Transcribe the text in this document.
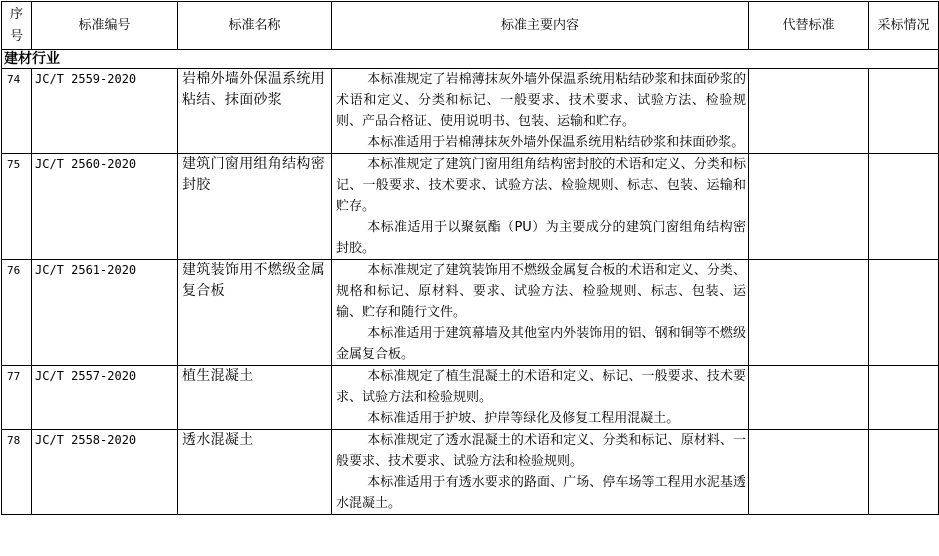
序号	标准编号	标准名称	标准主要内容	代替标准	采标情况
建材行业					
74	JC/T 2559-2020	岩棉外墙外保温系统用粘结、抹面砂浆	本标准规定了岩棉薄抹灰外墙外保温系统用粘结砂浆和抹面砂浆的术语和定义、分类和标记、一般要求、技术要求、试验方法、检验规则、产品合格证、使用说明书、包装、运输和贮存。

本标准适用于岩棉薄抹灰外墙外保温系统用粘结砂浆和抹面砂浆。		

75	JC/T 2560-2020	建筑门窗用组角结构密封胶	本标准规定了建筑门窗用组角结构密封胶的术语和定义、分类和标记、一般要求、技术要求、试验方法、检验规则、标志、包装、运输和贮存。

本标准适用于以聚氨酯（PU）为主要成分的建筑门窗组角结构密封胶。		

76	JC/T 2561-2020	建筑装饰用不燃级金属复合板	本标准规定了建筑装饰用不燃级金属复合板的术语和定义、分类、规格和标记、原材料、要求、试验方法、检验规则、标志、包装、运输、贮存和随行文件。

本标准适用于建筑幕墙及其他室内外装饰用的铝、钢和铜等不燃级金属复合板。		

77	JC/T 2557-2020	植生混凝土	本标准规定了植生混凝土的术语和定义、标记、一般要求、技术要求、试验方法和检验规则。

本标准适用于护坡、护岸等绿化及修复工程用混凝土。		

78	JC/T 2558-2020	透水混凝土	本标准规定了透水混凝土的术语和定义、分类和标记、原材料、一般要求、技术要求、试验方法和检验规则。

本标准适用于有透水要求的路面、广场、停车场等工程用水泥基透水混凝土。		
